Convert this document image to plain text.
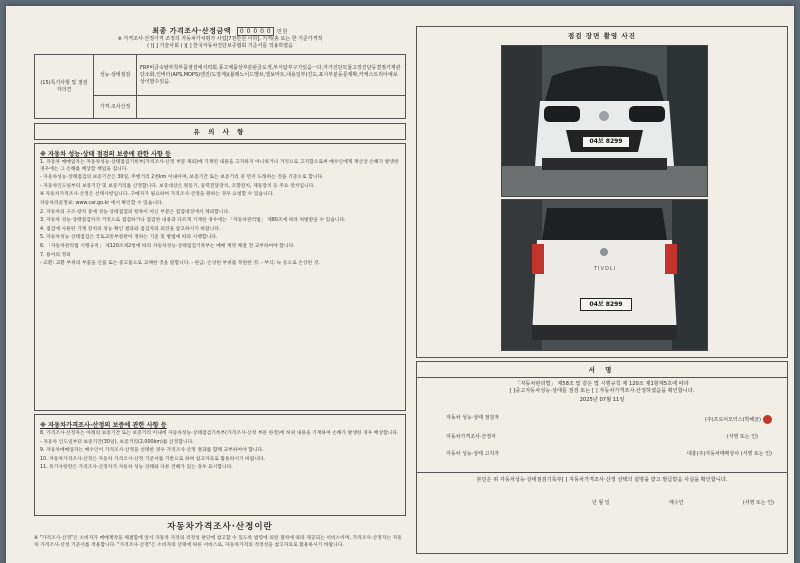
최종 가격조사·산정금액 0 0 0 0 0 만원
※ 가격조사·산정가격 조정의 자동차가치평가 사업[7천만원 이하], 가격(총 또는 한 기준가격적
( )[ ] 기술사회 ( )[ ] 한국자동차진단보증협회 기준서를 적용하였음
(15)특기사항 및 점검자의견	성능·상태점검	FRP비금속탈부착부품점검에서력회,풍고체품상부분판금도색,부식탐부구가있음ㅡ다,자가진단모듈고장진단등결점기계관단소화,인버터(APS,MOPS)엔진/도장계)(블레노이드밸브,엘보마트,내용일부)진도,표시부분등문제확,카케스트리아예보상이발수있음.
	가격·조사산정	
유 의 사 항
※ 자동차 성능·상태 점검의 보증에 관한 사항 등
1. 자동차 매매업자는 자동차성능·상태점검기록부(가격조사·산정 부문 제외)에 기재된 내용을 고지하지 아니하거나 거짓으로 고지함으로써 매수인에게 재산상 손해가 발생한 경우에는 그 손해를 배상할 책임을 집니다.
- 자동차성능·상태점검의 보증기간은 30일, 주행거리 2천km 이내이며, 보증기간 또는 보증거리 중 먼저 도래하는 것을 기준으로 합니다.
- 자동차인도일부터 보증기간 및 보증거리를 산정합니다. 보증대상은 원동기, 동력전달장치, 조향장치, 제동장치 등 주요 장치입니다.
※ 자동차가격조사·산정은 선택사항입니다. 구매자가 필요하여 가격조사·산정을 원하는 경우 요청할 수 있습니다.
자동차리콜정보: www.car.go.kr 에서 확인할 수 있습니다.
2. 자동차의 구조·장치 중에 성능·상태점검의 항목이 아닌 부분은 점검대상에서 제외합니다.
3. 자동차 성능·상태점검자가 거짓으로 점검하거나 점검한 내용과 다르게 기재한 경우에는 「자동차관리법」 제80조에 따라 처벌받을 수 있습니다.
4. 점검에 사용된 기계 장치의 성능 확인 결과와 점검자의 의견을 참고하시기 바랍니다.
5. 자동차성능·상태점검은 국토교통부장관이 정하는 기준 및 방법에 따라 시행합니다.
6. 「자동차관리법 시행규칙」 제120조제2항에 따라 자동차성능·상태점검기록부는 매매 계약 체결 전 교부하여야 합니다.
7. 용어의 정의
- 교환: 교환 부위의 부품을 신품 또는 중고품으로 교체한 것을 말합니다. - 판금: 손상된 부위를 복원한 것. - 부식: 녹 등으로 손상된 것.
※ 자동차가격조사·산정의 보증에 관한 사항 등
8. 가격조사·산정자는 아래의 보증기간 또는 보증거리 이내에 자동차성능·상태점검기록부(가격조사·산정 부문 한정)에 허위 내용을 기재하여 손해가 발생한 경우 배상합니다.
- 자동차 인도일부터 보증기간(30일), 보증거리(2,000km)를 산정합니다.
9. 자동차매매업자는 매수인이 가격조사·산정을 선택한 경우 가격조사·산정 결과를 함께 교부하여야 합니다.
10. 자동차가격조사·산정은 자동차 가격조사·산정 기준서를 기반으로 하며 참고자료로 활용하시기 바랍니다.
11. 특기사항란은 가격조사·산정자가 자동차 성능·상태와 다른 견해가 있는 경우 표시합니다.
자동차가격조사·산정이란
※ "가격조사·산정"은 소비자가 매매계약을 체결함에 앞서 자동차 가격의 적정성 판단에 참고할 수 있도록 법령에 의한 절차에 따라 제공되는 서비스이며, 가격조사·산정자는 자동차 가격조사·산정 기준서를 적용합니다. "가격조사·산정"은 소비자의 선택에 따른 서비스로, 자동차가격의 적정성을 참고자료로 활용하시기 바랍니다.
점검 장면 촬영 사진
04보 8299
TIVOLI
04보 8299
서 명
「자동차관리법」 제58조 및 같은 법 시행규칙 제 120조 제1항제5호에 따라
[ ]중고자동차성능·상태를 점검 또는 [ ] 자동차가격조사·산정하였음을 확인합니다.
2025년 07월 11일
자동차 성능·상태 점검자	(주)프로씨모터스(박해균)
자동차가격조사·산정자	(서명 또는 인)
자동차 성능·상태 고지자	대흥(주)자동차매매상사 (서명 또는 인)
본인은 위 자동차성능·상태점검기록부[ ] 자동차가격조사·산정 선택의 설명을 받고 발급받음 사실을 확인합니다.
년 월 일	매수인	(서명 또는 인)
